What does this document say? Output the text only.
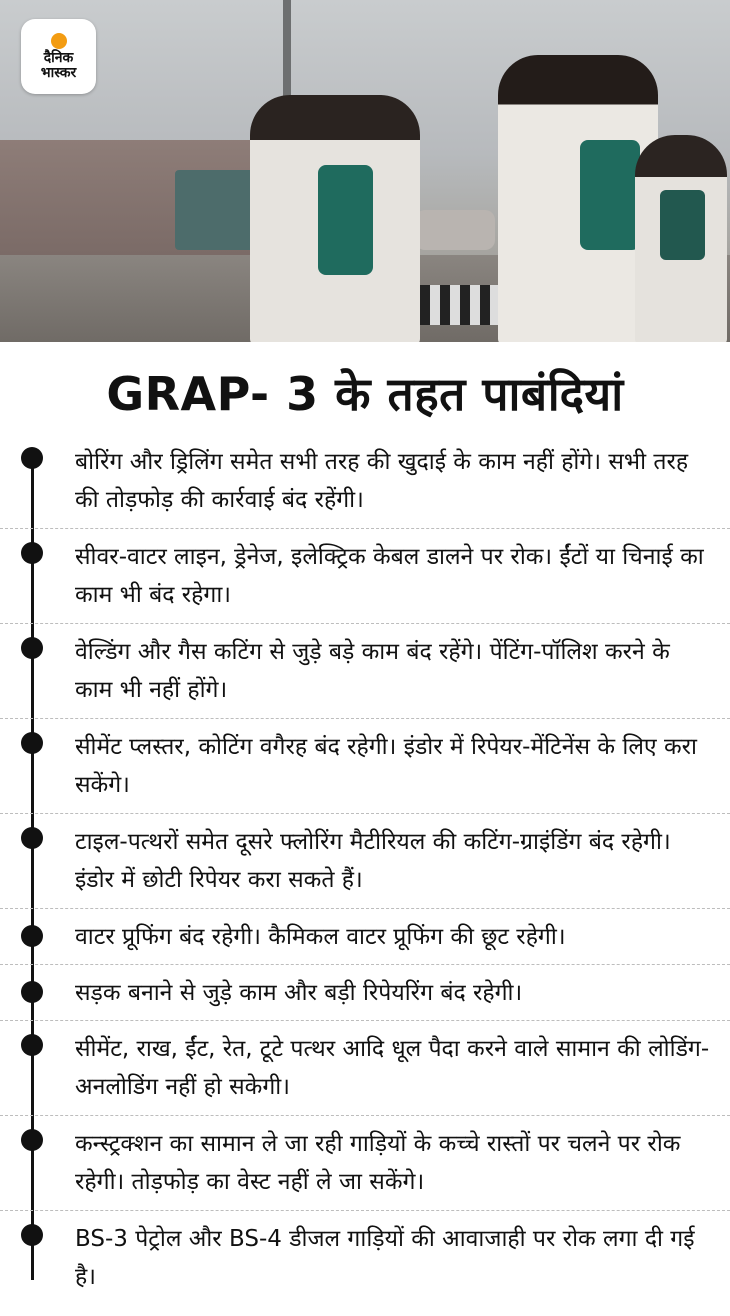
दैनिक
भास्कर
GRAP- 3 के तहत पाबंदियां
बोरिंग और ड्रिलिंग समेत सभी तरह की खुदाई के काम नहीं होंगे। सभी तरह की तोड़फोड़ की कार्रवाई बंद रहेंगी।
सीवर-वाटर लाइन, ड्रेनेज, इलेक्ट्रिक केबल डालने पर रोक। ईंटों या चिनाई का काम भी बंद रहेगा।
वेल्डिंग और गैस कटिंग से जुड़े बड़े काम बंद रहेंगे। पेंटिंग-पॉलिश करने के काम भी नहीं होंगे।
सीमेंट प्लस्तर, कोटिंग वगैरह बंद रहेगी। इंडोर में रिपेयर-मेंटिनेंस के लिए करा सकेंगे।
टाइल-पत्थरों समेत दूसरे फ्लोरिंग मैटीरियल की कटिंग-ग्राइंडिंग बंद रहेगी। इंडोर में छोटी रिपेयर करा सकते हैं।
वाटर प्रूफिंग बंद रहेगी। कैमिकल वाटर प्रूफिंग की छूट रहेगी।
सड़क बनाने से जुड़े काम और बड़ी रिपेयरिंग बंद रहेगी।
सीमेंट, राख, ईंट, रेत, टूटे पत्थर आदि धूल पैदा करने वाले सामान की लोडिंग-अनलोडिंग नहीं हो सकेगी।
कन्स्ट्रक्शन का सामान ले जा रही गाड़ियों के कच्चे रास्तों पर चलने पर रोक रहेगी। तोड़फोड़ का वेस्ट नहीं ले जा सकेंगे।
BS-3 पेट्रोल और BS-4 डीजल गाड़ियों की आवाजाही पर रोक लगा दी गई है।
